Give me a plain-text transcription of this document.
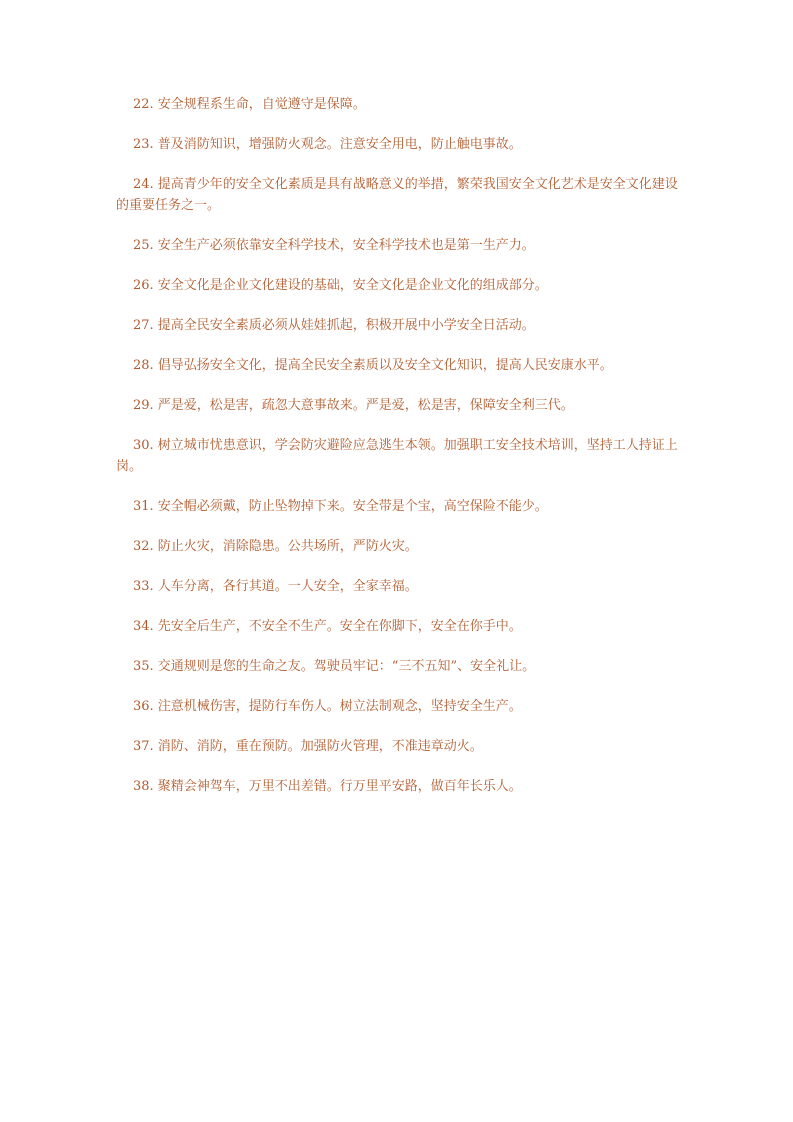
22. 安全规程系生命，自觉遵守是保障。

23. 普及消防知识，增强防火观念。注意安全用电，防止触电事故。

24. 提高青少年的安全文化素质是具有战略意义的举措，繁荣我国安全文化艺术是安全文化建设的重要任务之一。

25. 安全生产必须依靠安全科学技术，安全科学技术也是第一生产力。

26. 安全文化是企业文化建设的基础，安全文化是企业文化的组成部分。

27. 提高全民安全素质必须从娃娃抓起，积极开展中小学安全日活动。

28. 倡导弘扬安全文化，提高全民安全素质以及安全文化知识，提高人民安康水平。

29. 严是爱，松是害，疏忽大意事故来。严是爱，松是害，保障安全利三代。

30. 树立城市忧患意识，学会防灾避险应急逃生本领。加强职工安全技术培训，坚持工人持证上岗。

31. 安全帽必须戴，防止坠物掉下来。安全带是个宝，高空保险不能少。

32. 防止火灾，消除隐患。公共场所，严防火灾。

33. 人车分离，各行其道。一人安全，全家幸福。

34. 先安全后生产，不安全不生产。安全在你脚下，安全在你手中。

35. 交通规则是您的生命之友。驾驶员牢记：“三不五知”、安全礼让。

36. 注意机械伤害，提防行车伤人。树立法制观念，坚持安全生产。

37. 消防、消防，重在预防。加强防火管理，不准违章动火。

38. 聚精会神驾车，万里不出差错。行万里平安路，做百年长乐人。
